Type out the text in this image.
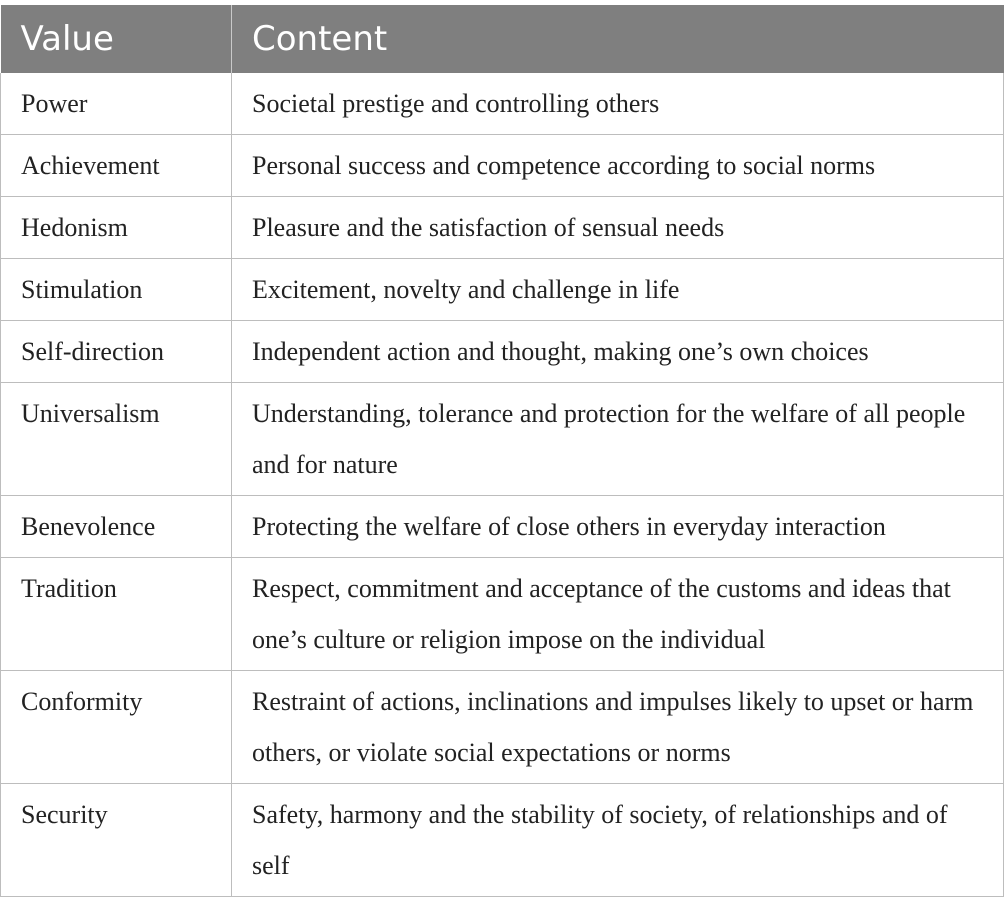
Value	Content
Power	Societal prestige and controlling others
Achievement	Personal success and competence according to social norms
Hedonism	Pleasure and the satisfaction of sensual needs
Stimulation	Excitement, novelty and challenge in life
Self-direction	Independent action and thought, making one’s own choices
Universalism	Understanding, tolerance and protection for the welfare of all people and for nature
Benevolence	Protecting the welfare of close others in everyday interaction
Tradition	Respect, commitment and acceptance of the customs and ideas that one’s culture or religion impose on the individual
Conformity	Restraint of actions, inclinations and impulses likely to upset or harm others, or violate social expectations or norms
Security	Safety, harmony and the stability of society, of relationships and of self
